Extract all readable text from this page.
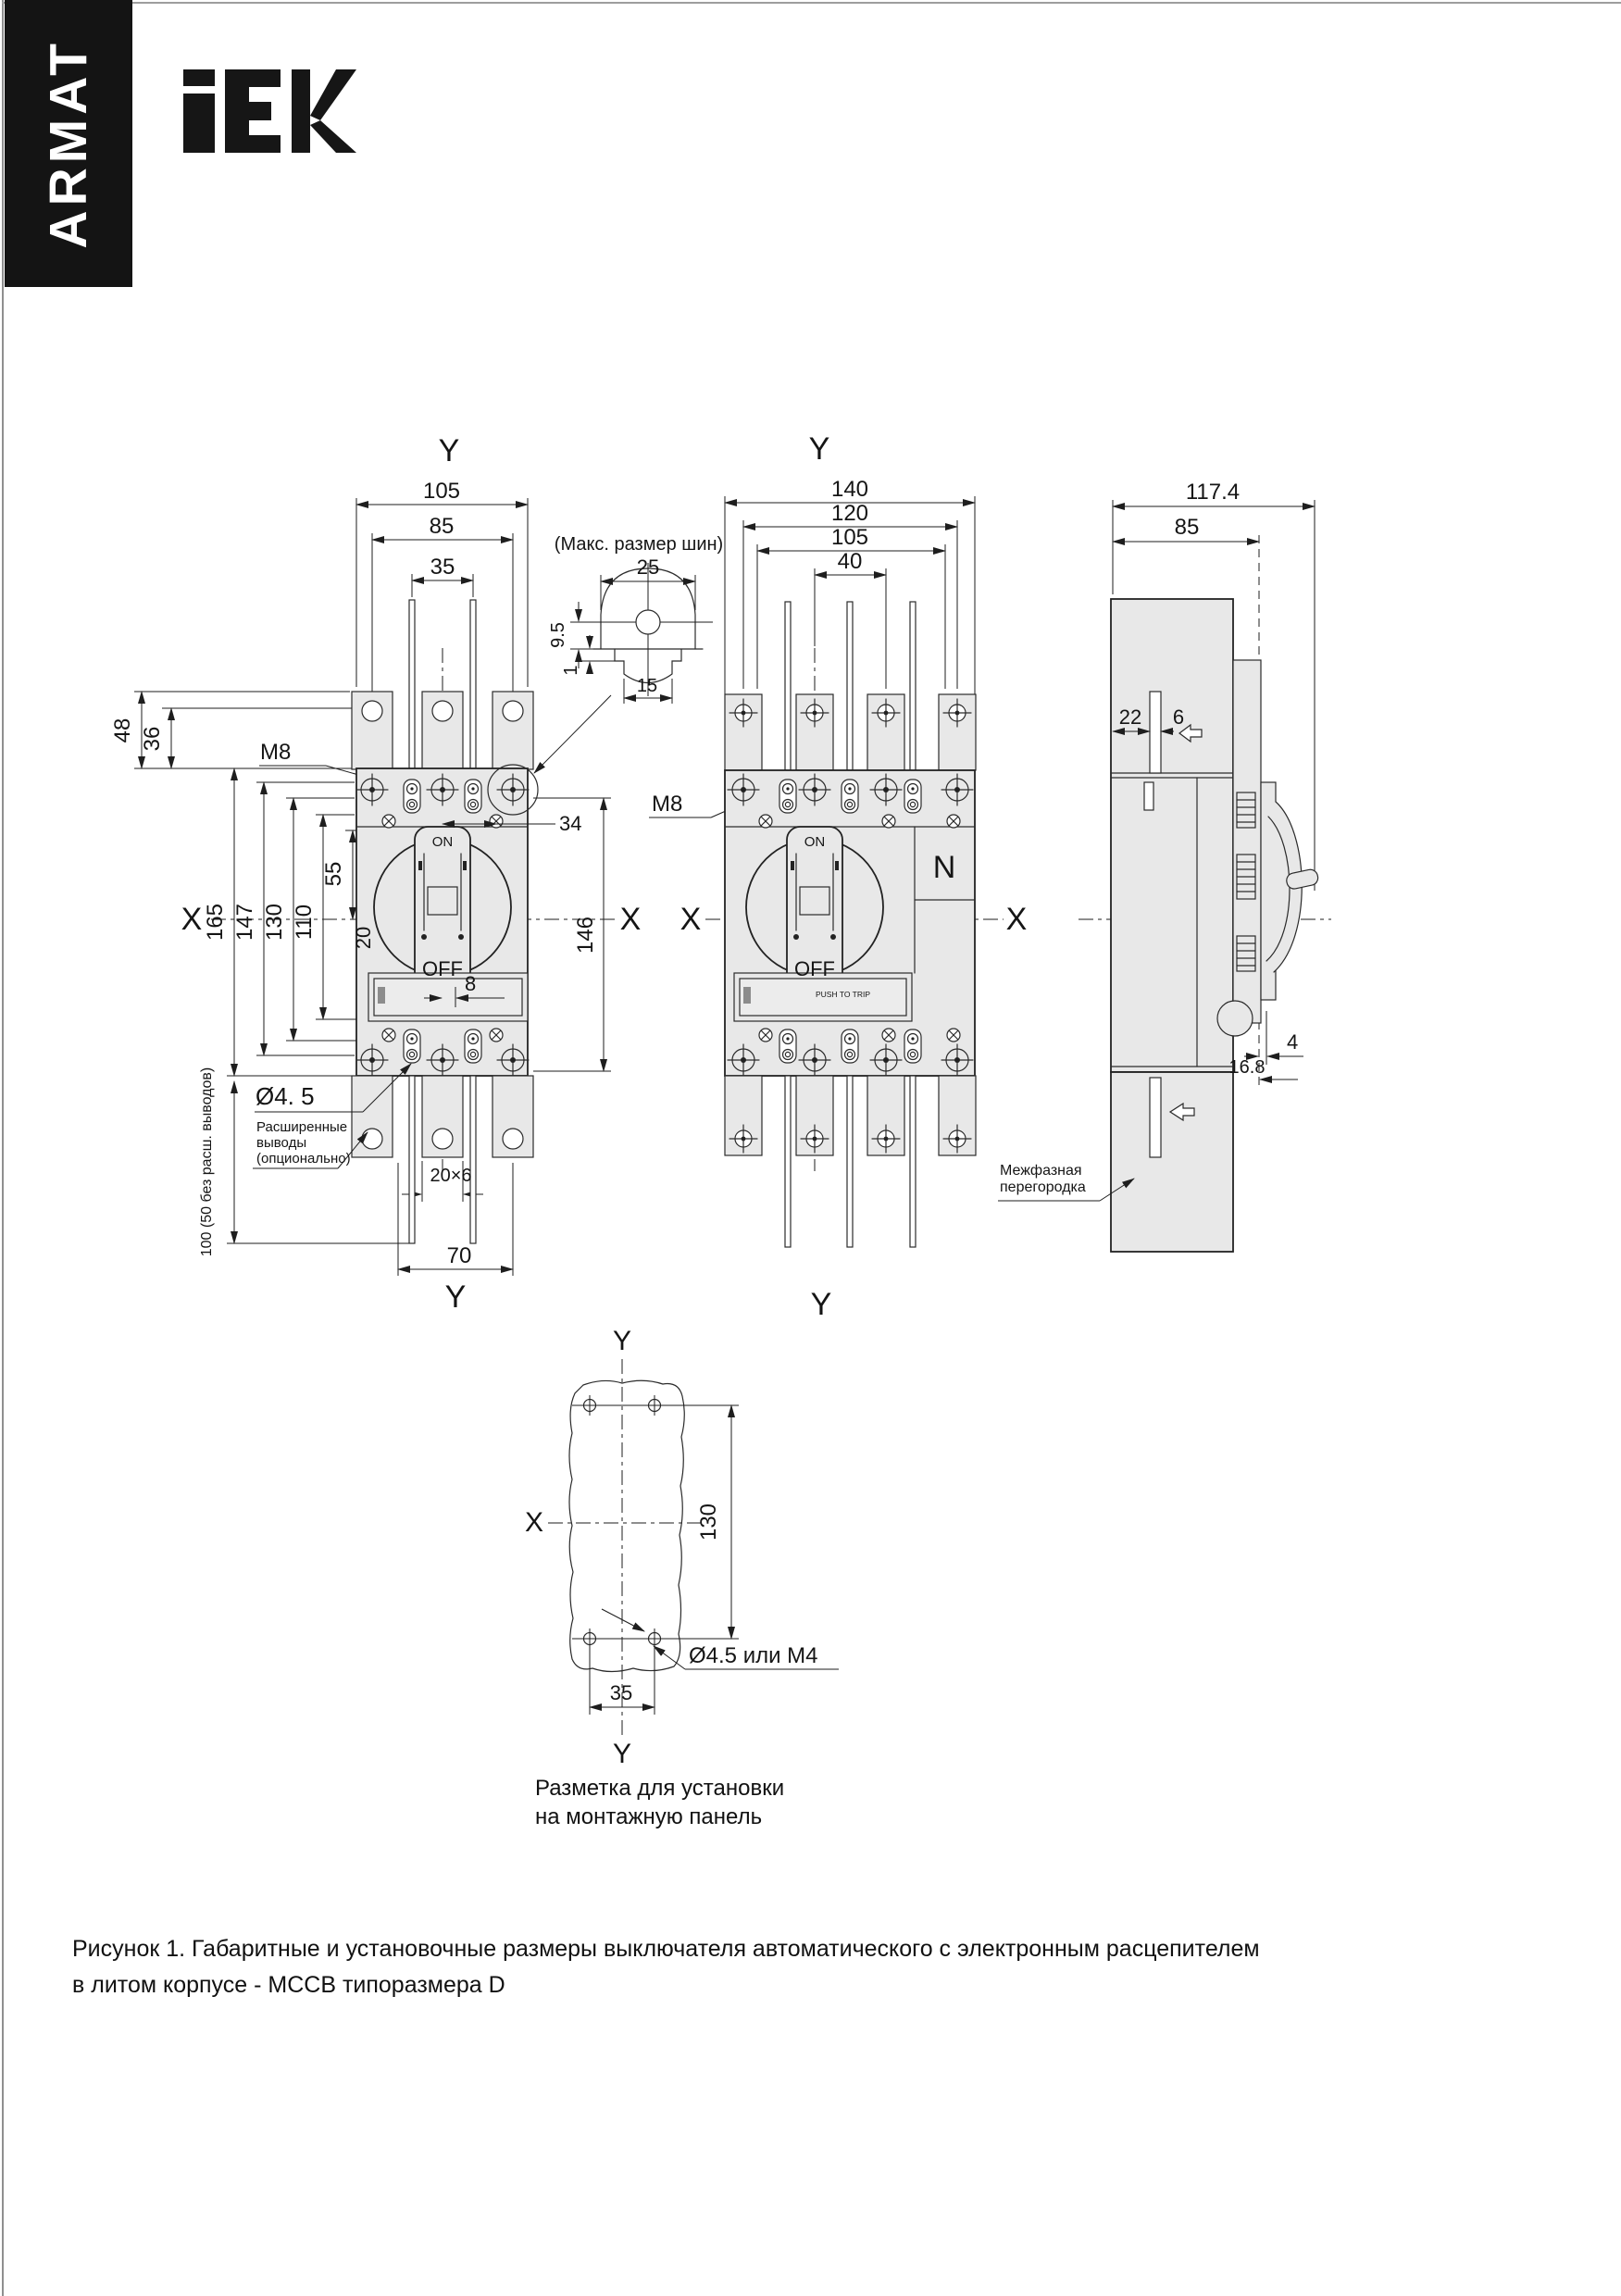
ARMAT
Y
Y
X	X
105
85
35
48 36
M8
165 147 130 110
55
20
34
8
146
Ø4. 5
Расширенные
выводы
(опционально)
100 (50 без расш. выводов)	20×6
70
ON
OFF
(Макс. размер шин)
25
9.5
1
15
Y
Y
X	X
140
120
105
40
M8
N
ON
OFF
PUSH TO TRIP
117.4
85
22 6
4
16.8
Межфазная
перегородка
Y
Y
X	130
Ø4.5 или M4
35
Разметка для установки
на монтажную панель
Рисунок 1. Габаритные и установочные размеры выключателя автоматического с электронным расцепителем
в литом корпусе - MCCB типоразмера D
